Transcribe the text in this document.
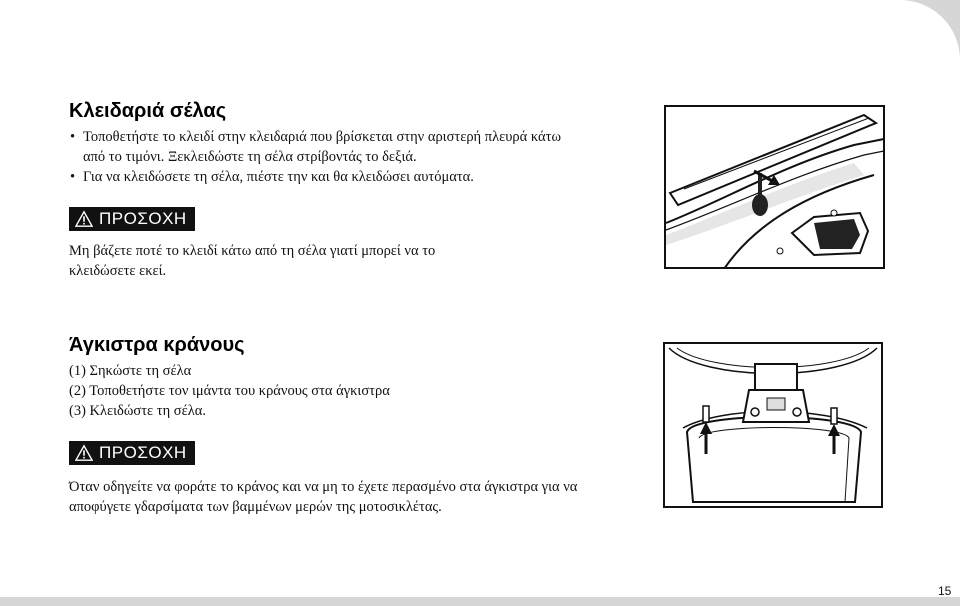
Κλειδαριά σέλας
• Τοποθετήστε το κλειδί στην κλειδαριά που βρίσκεται στην αριστερή πλευρά κάτω από το τιμόνι. Ξεκλειδώστε τη σέλα στρίβοντάς το δεξιά.
• Για να κλειδώσετε τη σέλα, πιέστε την και θα κλειδώσει αυτόματα.
ΠΡΟΣΟΧΗ

Μη βάζετε ποτέ το κλειδί κάτω από τη σέλα γιατί μπορεί να το κλειδώσετε εκεί.

Άγκιστρα κράνους
(1) Σηκώστε τη σέλα
(2) Τοποθετήστε τον ιμάντα του κράνους στα άγκιστρα
(3) Κλειδώστε τη σέλα.
ΠΡΟΣΟΧΗ

Όταν οδηγείτε να φοράτε το κράνος και να μη το έχετε περασμένο στα άγκιστρα για να αποφύγετε γδαρσίματα των βαμμένων μερών της μοτοσικλέτας.

15
